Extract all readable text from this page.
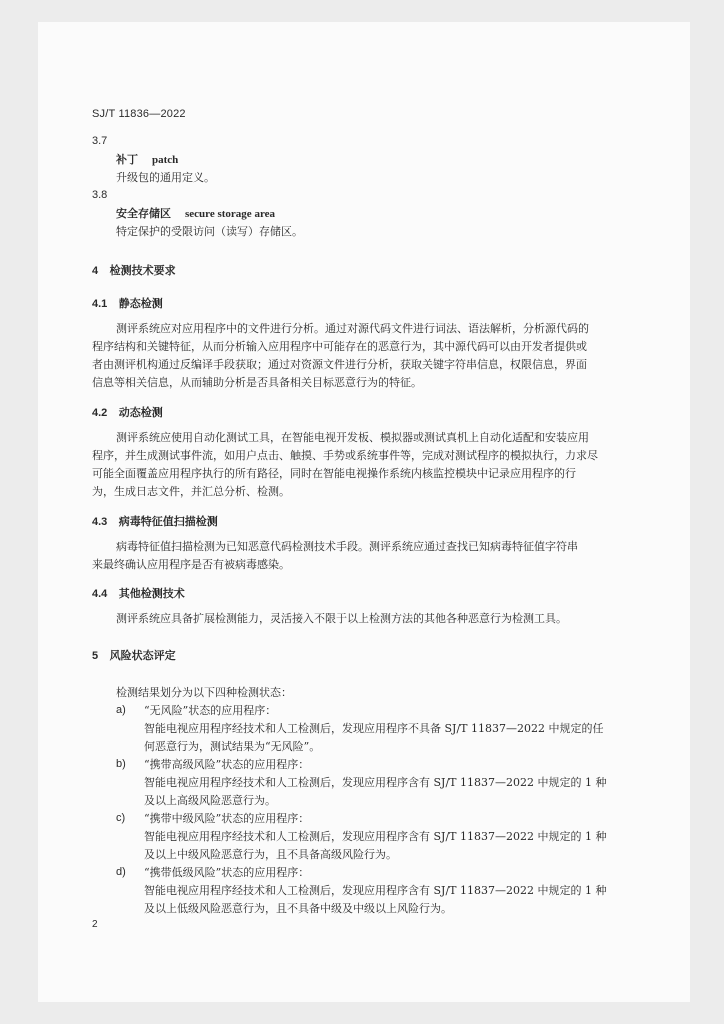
SJ/T 11836—2022
3.7
补丁 patch
升级包的通用定义。
3.8
安全存储区 secure storage area
特定保护的受限访问（读写）存储区。
4 检测技术要求
4.1 静态检测
测评系统应对应用程序中的文件进行分析。通过对源代码文件进行词法、语法解析，分析源代码的
程序结构和关键特征，从而分析输入应用程序中可能存在的恶意行为，其中源代码可以由开发者提供或
者由测评机构通过反编译手段获取；通过对资源文件进行分析，获取关键字符串信息，权限信息，界面
信息等相关信息，从而辅助分析是否具备相关目标恶意行为的特征。
4.2 动态检测
测评系统应使用自动化测试工具，在智能电视开发板、模拟器或测试真机上自动化适配和安装应用
程序，并生成测试事件流，如用户点击、触摸、手势或系统事件等，完成对测试程序的模拟执行，力求尽
可能全面覆盖应用程序执行的所有路径，同时在智能电视操作系统内核监控模块中记录应用程序的行
为，生成日志文件，并汇总分析、检测。
4.3 病毒特征值扫描检测
病毒特征值扫描检测为已知恶意代码检测技术手段。测评系统应通过查找已知病毒特征值字符串
来最终确认应用程序是否有被病毒感染。
4.4 其他检测技术
测评系统应具备扩展检测能力，灵活接入不限于以上检测方法的其他各种恶意行为检测工具。
5 风险状态评定
检测结果划分为以下四种检测状态：
a) “无风险”状态的应用程序：
智能电视应用程序经技术和人工检测后，发现应用程序不具备 SJ/T 11837—2022 中规定的任
何恶意行为，测试结果为“无风险”。
b) “携带高级风险”状态的应用程序：
智能电视应用程序经技术和人工检测后，发现应用程序含有 SJ/T 11837—2022 中规定的 1 种
及以上高级风险恶意行为。
c) “携带中级风险”状态的应用程序：
智能电视应用程序经技术和人工检测后，发现应用程序含有 SJ/T 11837—2022 中规定的 1 种
及以上中级风险恶意行为，且不具备高级风险行为。
d) “携带低级风险”状态的应用程序：
智能电视应用程序经技术和人工检测后，发现应用程序含有 SJ/T 11837—2022 中规定的 1 种
及以上低级风险恶意行为，且不具备中级及中级以上风险行为。
2
